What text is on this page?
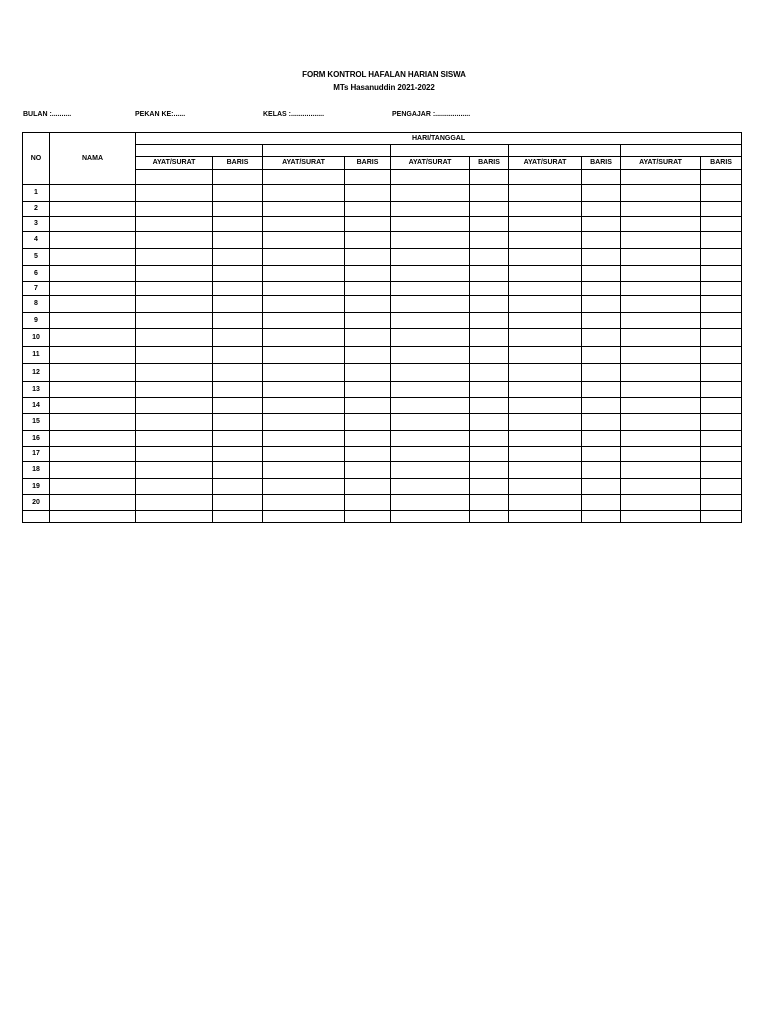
FORM KONTROL HAFALAN HARIAN SISWA
MTs Hasanuddin 2021-2022
BULAN :..........	PEKAN KE:......	KELAS :.................	PENGAJAR :..................
NO	NAMA	HARI/TANGGAL									

		AYAT/SURAT	BARIS	AYAT/SURAT	BARIS	AYAT/SURAT	BARIS	AYAT/SURAT	BARIS	AYAT/SURAT	BARIS

1											
2											
3											
4											
5											
6											
7											
8											
9											
10											
11											
12											
13											
14											
15											
16											
17											
18											
19											
20											
